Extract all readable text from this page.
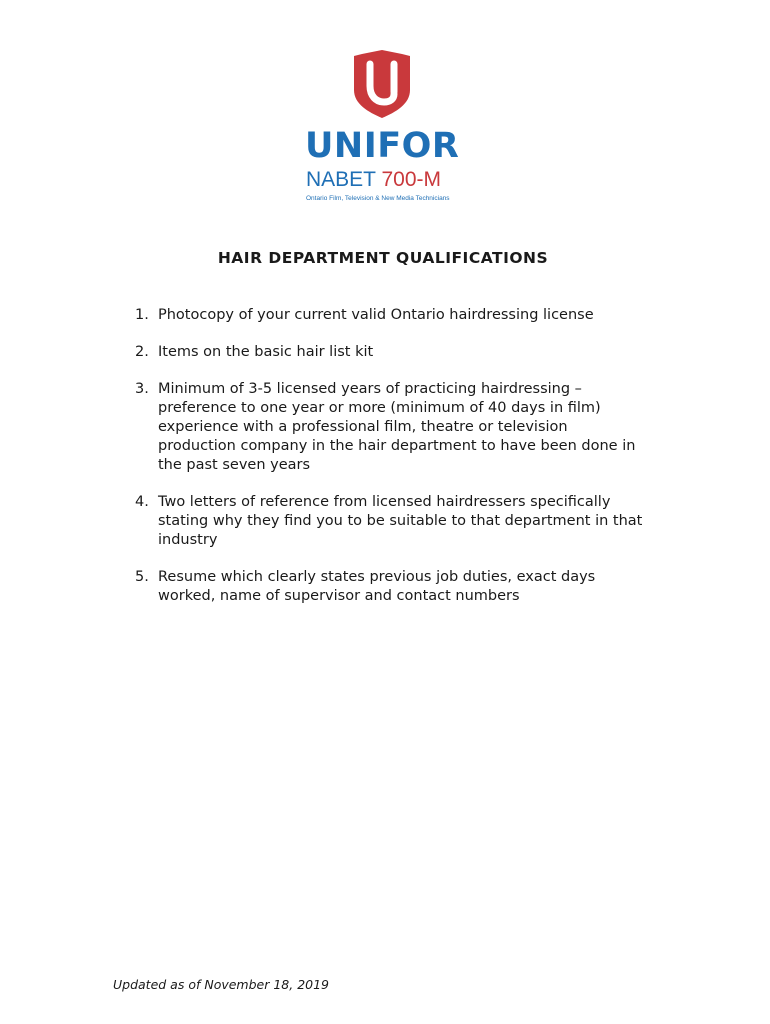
UNIFOR
NABET 700-M
Ontario Film, Television & New Media Technicians
HAIR DEPARTMENT QUALIFICATIONS
1. Photocopy of your current valid Ontario hairdressing license
2. Items on the basic hair list kit
3. Minimum of 3-5 licensed years of practicing hairdressing – preference to one year or more (minimum of 40 days in film) experience with a professional film, theatre or television production company in the hair department to have been done in the past seven years
4. Two letters of reference from licensed hairdressers specifically stating why they find you to be suitable to that department in that industry
5. Resume which clearly states previous job duties, exact days worked, name of supervisor and contact numbers
Updated as of November 18, 2019
